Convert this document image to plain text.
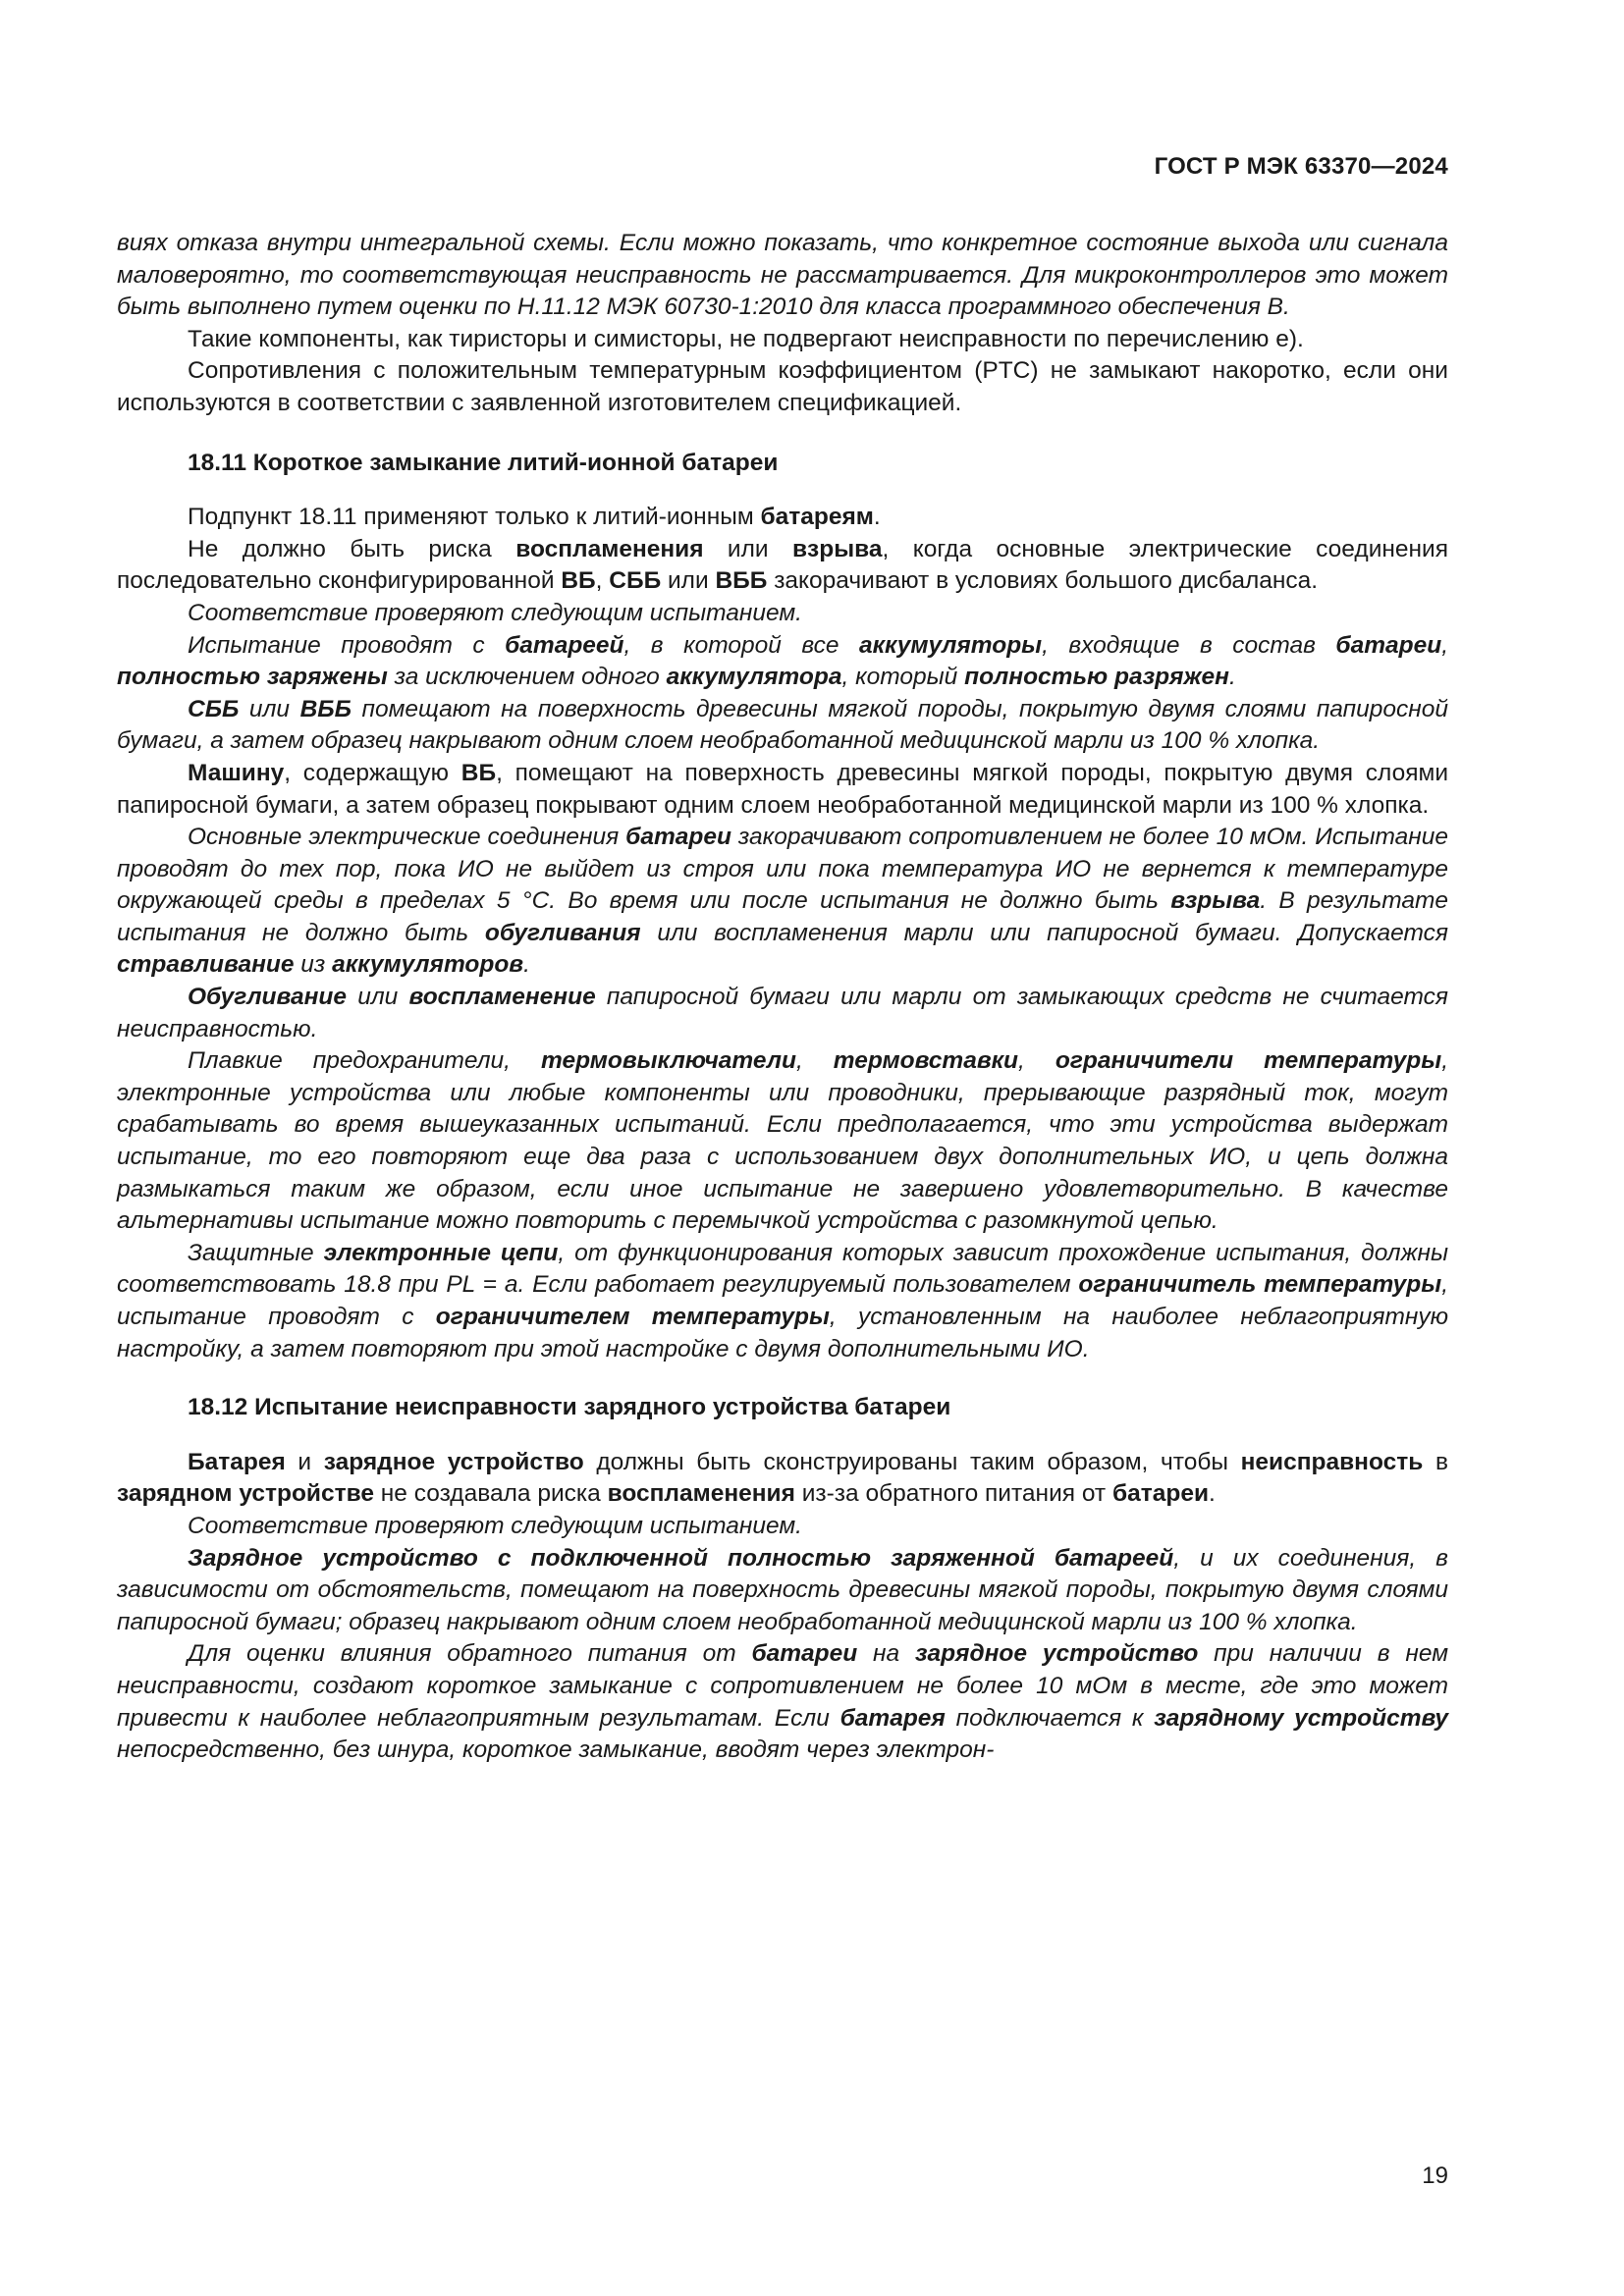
ГОСТ Р МЭК 63370—2024

виях отказа внутри интегральной схемы. Если можно показать, что конкретное состояние выхода или сигнала маловероятно, то соответствующая неисправность не рассматривается. Для микроконтроллеров это может быть выполнено путем оценки по H.11.12 МЭК 60730-1:2010 для класса программного обеспечения В.

Такие компоненты, как тиристоры и симисторы, не подвергают неисправности по перечислению е).

Сопротивления с положительным температурным коэффициентом (PTC) не замыкают накоротко, если они используются в соответствии с заявленной изготовителем спецификацией.

18.11 Короткое замыкание литий-ионной батареи

Подпункт 18.11 применяют только к литий-ионным батареям.

Не должно быть риска воспламенения или взрыва, когда основные электрические соединения последовательно сконфигурированной ВБ, СББ или ВББ закорачивают в условиях большого дисбаланса.

Соответствие проверяют следующим испытанием.

Испытание проводят с батареей, в которой все аккумуляторы, входящие в состав батареи, полностью заряжены за исключением одного аккумулятора, который полностью разряжен.

СББ или ВББ помещают на поверхность древесины мягкой породы, покрытую двумя слоями папиросной бумаги, а затем образец накрывают одним слоем необработанной медицинской марли из 100 % хлопка.

Машину, содержащую ВБ, помещают на поверхность древесины мягкой породы, покрытую двумя слоями папиросной бумаги, а затем образец покрывают одним слоем необработанной медицинской марли из 100 % хлопка.

Основные электрические соединения батареи закорачивают сопротивлением не более 10 мОм. Испытание проводят до тех пор, пока ИО не выйдет из строя или пока температура ИО не вернется к температуре окружающей среды в пределах 5 °C. Во время или после испытания не должно быть взрыва. В результате испытания не должно быть обугливания или воспламенения марли или папиросной бумаги. Допускается стравливание из аккумуляторов.

Обугливание или воспламенение папиросной бумаги или марли от замыкающих средств не считается неисправностью.

Плавкие предохранители, термовыключатели, термовставки, ограничители температуры, электронные устройства или любые компоненты или проводники, прерывающие разрядный ток, могут срабатывать во время вышеуказанных испытаний. Если предполагается, что эти устройства выдержат испытание, то его повторяют еще два раза с использованием двух дополнительных ИО, и цепь должна размыкаться таким же образом, если иное испытание не завершено удовлетворительно. В качестве альтернативы испытание можно повторить с перемычкой устройства с разомкнутой цепью.

Защитные электронные цепи, от функционирования которых зависит прохождение испытания, должны соответствовать 18.8 при PL = a. Если работает регулируемый пользователем ограничитель температуры, испытание проводят с ограничителем температуры, установленным на наиболее неблагоприятную настройку, а затем повторяют при этой настройке с двумя дополнительными ИО.

18.12 Испытание неисправности зарядного устройства батареи

Батарея и зарядное устройство должны быть сконструированы таким образом, чтобы неисправность в зарядном устройстве не создавала риска воспламенения из-за обратного питания от батареи.

Соответствие проверяют следующим испытанием.

Зарядное устройство с подключенной полностью заряженной батареей, и их соединения, в зависимости от обстоятельств, помещают на поверхность древесины мягкой породы, покрытую двумя слоями папиросной бумаги; образец накрывают одним слоем необработанной медицинской марли из 100 % хлопка.

Для оценки влияния обратного питания от батареи на зарядное устройство при наличии в нем неисправности, создают короткое замыкание с сопротивлением не более 10 мОм в месте, где это может привести к наиболее неблагоприятным результатам. Если батарея подключается к зарядному устройству непосредственно, без шнура, короткое замыкание, вводят через электрон-

19
